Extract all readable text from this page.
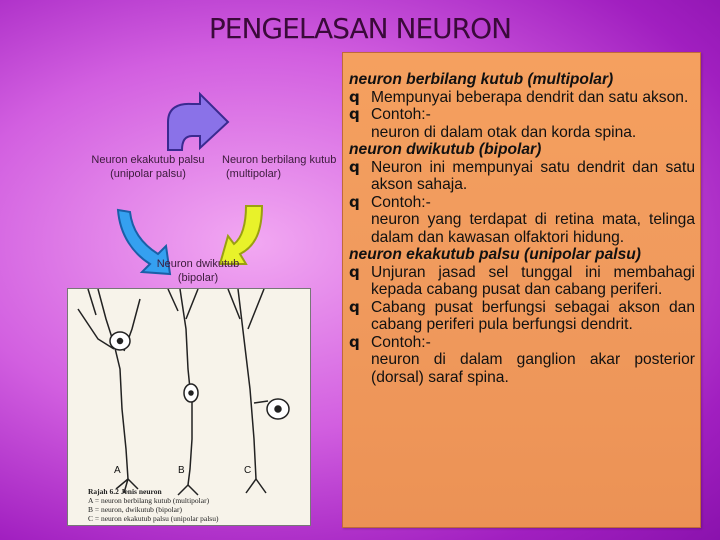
PENGELASAN NEURON
Neuron ekakutub palsu
(unipolar palsu)
Neuron berbilang kutub
(multipolar)
Neuron dwikutub
(bipolar)
A	B	C
Rajah 6.2 Jenis neuron
A = neuron berbilang kutub (multipolar)
B = neuron, dwikutub (bipolar)
C = neuron ekakutub palsu (unipolar palsu)

neuron berbilang kutub (multipolar)

q Mempunyai beberapa dendrit dan satu akson.

q Contoh:-

neuron di dalam otak dan korda spina.

neuron dwikutub (bipolar)

q Neuron ini mempunyai satu dendrit dan satu akson sahaja.

q Contoh:-

neuron yang terdapat di retina mata, telinga dalam dan kawasan olfaktori hidung.

neuron ekakutub palsu (unipolar palsu)

q Unjuran jasad sel tunggal ini membahagi kepada cabang pusat dan cabang periferi.

q Cabang pusat berfungsi sebagai akson dan cabang periferi pula berfungsi dendrit.

q Contoh:-

neuron di dalam ganglion akar posterior (dorsal) saraf spina.
